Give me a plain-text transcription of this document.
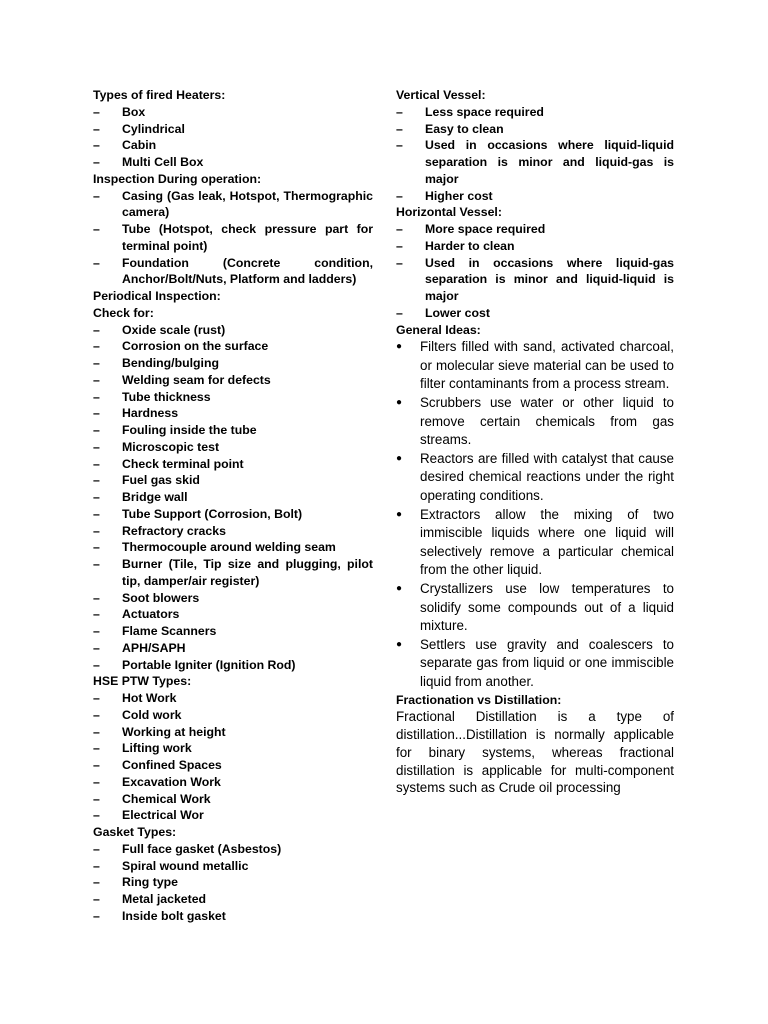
Types of fired Heaters:
–	Box
–	Cylindrical
–	Cabin
–	Multi Cell Box
Inspection During operation:
–	Casing (Gas leak, Hotspot, Thermographic camera)
–	Tube (Hotspot, check pressure part for terminal point)
–	Foundation (Concrete condition, Anchor/Bolt/Nuts, Platform and ladders)
Periodical Inspection:
Check for:
–	Oxide scale (rust)
–	Corrosion on the surface
–	Bending/bulging
–	Welding seam for defects
–	Tube thickness
–	Hardness
–	Fouling inside the tube
–	Microscopic test
–	Check terminal point
–	Fuel gas skid
–	Bridge wall
–	Tube Support (Corrosion, Bolt)
–	Refractory cracks
–	Thermocouple around welding seam
–	Burner (Tile, Tip size and plugging, pilot tip, damper/air register)
–	Soot blowers
–	Actuators
–	Flame Scanners
–	APH/SAPH
–	Portable Igniter (Ignition Rod)
HSE PTW Types:
–	Hot Work
–	Cold work
–	Working at height
–	Lifting work
–	Confined Spaces
–	Excavation Work
–	Chemical Work
–	Electrical Wor
Gasket Types:
–	Full face gasket (Asbestos)
–	Spiral wound metallic
–	Ring type
–	Metal jacketed
–	Inside bolt gasket
Vertical Vessel:
–	Less space required
–	Easy to clean
–	Used in occasions where liquid-liquid separation is minor and liquid-gas is major
–	Higher cost
Horizontal Vessel:
–	More space required
–	Harder to clean
–	Used in occasions where liquid-gas separation is minor and liquid-liquid is major
–	Lower cost
General Ideas:
●	Filters filled with sand, activated charcoal, or molecular sieve material can be used to filter contaminants from a process stream.
●	Scrubbers use water or other liquid to remove certain chemicals from gas streams.
●	Reactors are filled with catalyst that cause desired chemical reactions under the right operating conditions.
●	Extractors allow the mixing of two immiscible liquids where one liquid will selectively remove a particular chemical from the other liquid.
●	Crystallizers use low temperatures to solidify some compounds out of a liquid mixture.
●	Settlers use gravity and coalescers to separate gas from liquid or one immiscible liquid from another.
Fractionation vs Distillation:
Fractional Distillation is a type of distillation...Distillation is normally applicable for binary systems, whereas fractional distillation is applicable for multi-component systems such as Crude oil processing
